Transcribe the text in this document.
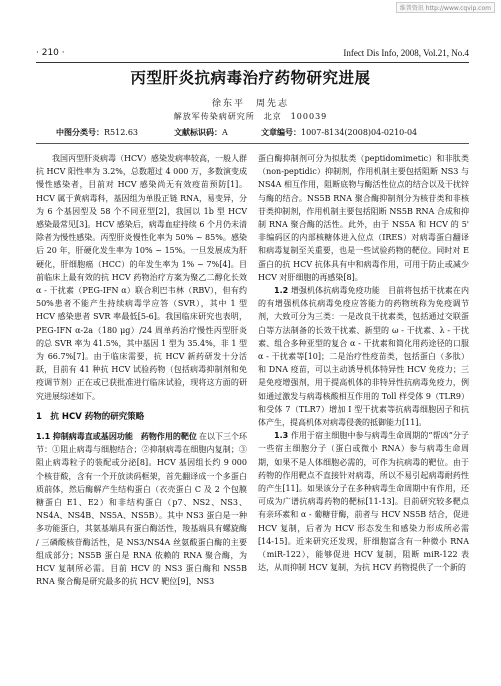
维普资讯 http://www.cqvip.com
· 210 ·	Infect Dis Info, 2008, Vol.21, No.4
丙型肝炎抗病毒治疗药物研究进展
徐东平　周先志
解放军传染病研究所　北京　100039
中图分类号：R512.63	文献标识码：A	文章编号：1007-8134(2008)04-0210-04

我国丙型肝炎病毒（HCV）感染发病率较高，一般人群抗 HCV 阳性率为 3.2%，总数超过 4 000 万，多数演变成慢性感染者，目前对 HCV 感染尚无有效疫苗预防[1]。HCV 属于黄病毒科，基因组为单股正链 RNA，易变异，分为 6 个基因型及 58 个不同亚型[2]，我国以 1b 型 HCV 感染最常见[3]。HCV 感染后，病毒血症持续 6 个月仍未清除者为慢性感染。丙型肝炎慢性化率为 50% ~ 85%。感染后 20 年，肝硬化发生率为 10% ~ 15%。一旦发展成为肝硬化，肝细胞癌（HCC）的年发生率为 1% ~ 7%[4]。目前临床上最有效的抗 HCV 药物治疗方案为聚乙二醇化长效 α - 干扰素（PEG-IFN α）联合利巴韦林（RBV），但有约 50%患者不能产生持续病毒学应答（SVR），其中 1 型 HCV 感染患者 SVR 率最低[5-6]。我国临床研究也表明，PEG-IFN α-2a（180 μg）/24 周单药治疗慢性丙型肝炎的总 SVR 率为 41.5%，其中基因 1 型为 35.4%，非 1 型为 66.7%[7]。由于临床需要，抗 HCV 新药研发十分活跃，目前有 41 种抗 HCV 试验药物（包括病毒抑制剂和免疫调节剂）正在或已获批准进行临床试验，现将这方面的研究进展综述如下。

1　抗 HCV 药物的研究策略

1.1 抑制病毒直或基因功能　药物作用的靶位 在以下三个环节：①阻止病毒与细胞结合；②抑制病毒在细胞内复制；③阻止病毒粒子的装配或分泌[8]。HCV 基因组长约 9 000 个核苷酸，含有一个开放读码框架，首先翻译成一个多蛋白质前体，然后酶解产生结构蛋白（衣壳蛋白 C 及 2 个包膜糖蛋白 E1、E2）和非结构蛋白（p7、NS2、NS3、NS4A、NS4B、NS5A、NS5B）。其中 NS3 蛋白是一种多功能蛋白，其氨基端具有蛋白酶活性，羧基端具有螺旋酶 / 三磷酸核苷酶活性，是 NS3/NS4A 丝氨酸蛋白酶的主要组成部分；NS5B 蛋白是 RNA 依赖的 RNA 聚合酶，为 HCV 复制所必需。目前 HCV 的 NS3 蛋白酶和 NS5B RNA 聚合酶是研究最多的抗 HCV 靶位[9]，NS3

蛋白酶抑制剂可分为拟肽类（peptidomimetic）和非肽类（non-peptidic）抑制剂，作用机制主要包括阻断 NS3 与 NS4A 相互作用，阻断底物与酶活性位点的结合以及干扰锌与酶的结合。NS5B RNA 聚合酶抑制剂分为核苷类和非核苷类抑制剂，作用机制主要包括阻断 NS5B RNA 合成和抑制 RNA 聚合酶的活性。此外，由于 NS5A 和 HCV 的 5' 非编码区的内部核糖体进入位点（IRES）对病毒蛋白翻译和病毒复制至关重要，也是一些试验药物的靶位。同时对 E 蛋白的抗 HCV 抗体具有中和病毒作用，可用于防止或减少 HCV 对肝细胞的再感染[8]。

1.2 增强机体抗病毒免疫功能　目前将包括干扰素在内的有增强机体抗病毒免疫应答能力的药物统称为免疫调节剂，大致可分为三类：一是改良干扰素类，包括通过交联蛋白等方法制备的长效干扰素、新型的 ω - 干扰素、λ - 干扰素、组合多种亚型的复合 α - 干扰素和简化用药途径的口服 α - 干扰素等[10]；二是治疗性疫苗类，包括蛋白（多肽）和 DNA 疫苗，可以主动诱导机体特异性 HCV 免疫力；三是免疫增强剂，用于提高机体的非特异性抗病毒免疫力，例如通过激发与病毒核酸相互作用的 Toll 样受体 9（TLR9）和受体 7（TLR7）增加 I 型干扰素等抗病毒细胞因子和抗体产生，提高机体对病毒侵袭的抵御能力[11]。

1.3 作用于宿主细胞中参与病毒生命周期的“帮凶”分子　一些宿主细胞分子（蛋白或微小 RNA）参与病毒生命周期，如果不是人体细胞必需的，可作为抗病毒的靶位。由于药物的作用靶点不直接针对病毒，所以不易引起病毒耐药性的产生[11]。如果该分子在多种病毒生命周期中有作用，还可成为广谱抗病毒药物的靶标[11-13]。目前研究较多靶点有亲环素和 α - 葡糖苷酶，前者与 HCV NS5B 结合，促进 HCV 复制，后者为 HCV 形态发生和感染力形成所必需[14-15]。近来研究还发现，肝细胞富含有一种微小 RNA（miR-122），能够促进 HCV 复制，阻断 miR-122 表达，从而抑制 HCV 复制，为抗 HCV 药物提供了一个新的
